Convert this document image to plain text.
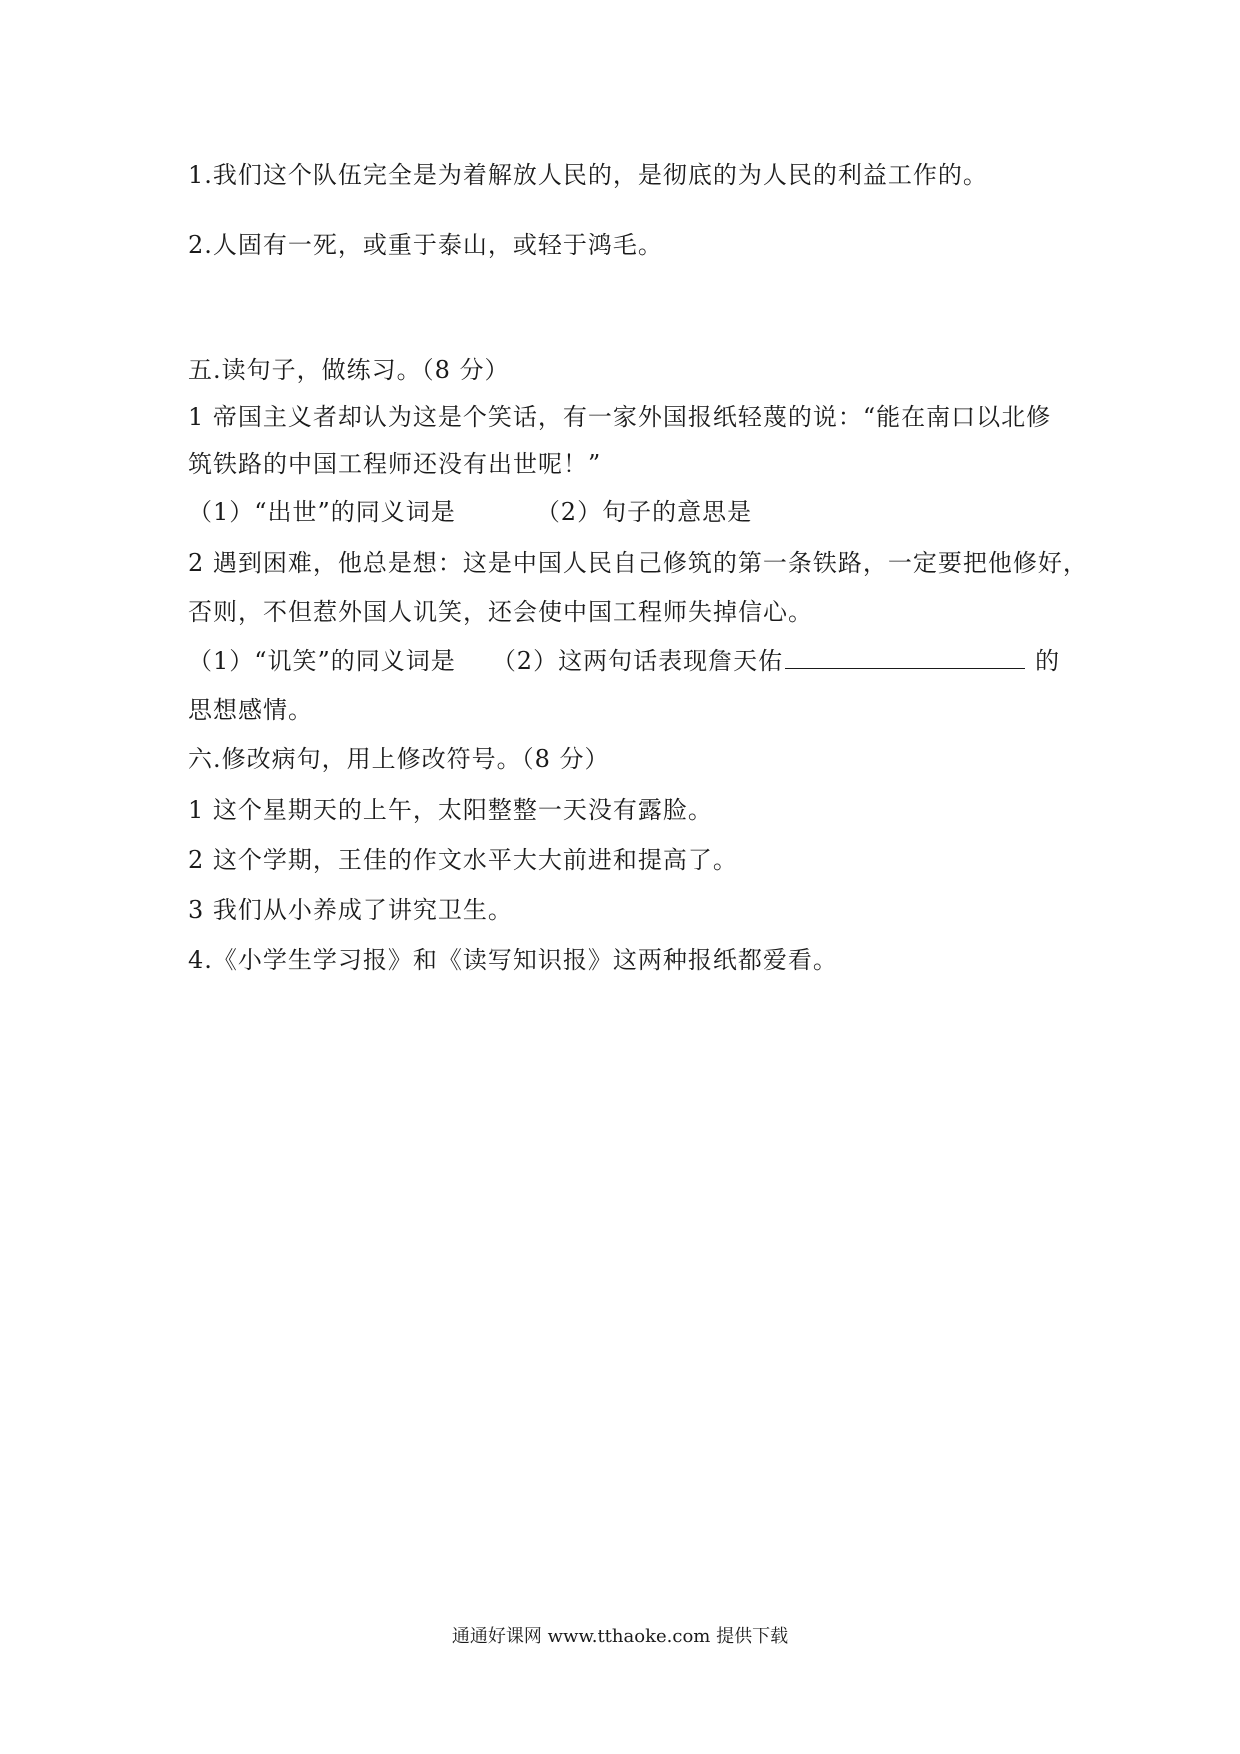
1.我们这个队伍完全是为着解放人民的，是彻底的为人民的利益工作的。
2.人固有一死，或重于泰山，或轻于鸿毛。
五.读句子，做练习。（8 分）
1 帝国主义者却认为这是个笑话，有一家外国报纸轻蔑的说：“能在南口以北修
筑铁路的中国工程师还没有出世呢！”
（1）“出世”的同义词是	（2）句子的意思是
2 遇到困难，他总是想：这是中国人民自己修筑的第一条铁路，一定要把他修好，
否则，不但惹外国人讥笑，还会使中国工程师失掉信心。
（1）“讥笑”的同义词是 （2）这两句话表现詹天佑	的
思想感情。
六.修改病句，用上修改符号。（8 分）
1 这个星期天的上午，太阳整整一天没有露脸。
2 这个学期，王佳的作文水平大大前进和提高了。
3 我们从小养成了讲究卫生。
4.《小学生学习报》和《读写知识报》这两种报纸都爱看。
通通好课网 www.tthaoke.com 提供下载
